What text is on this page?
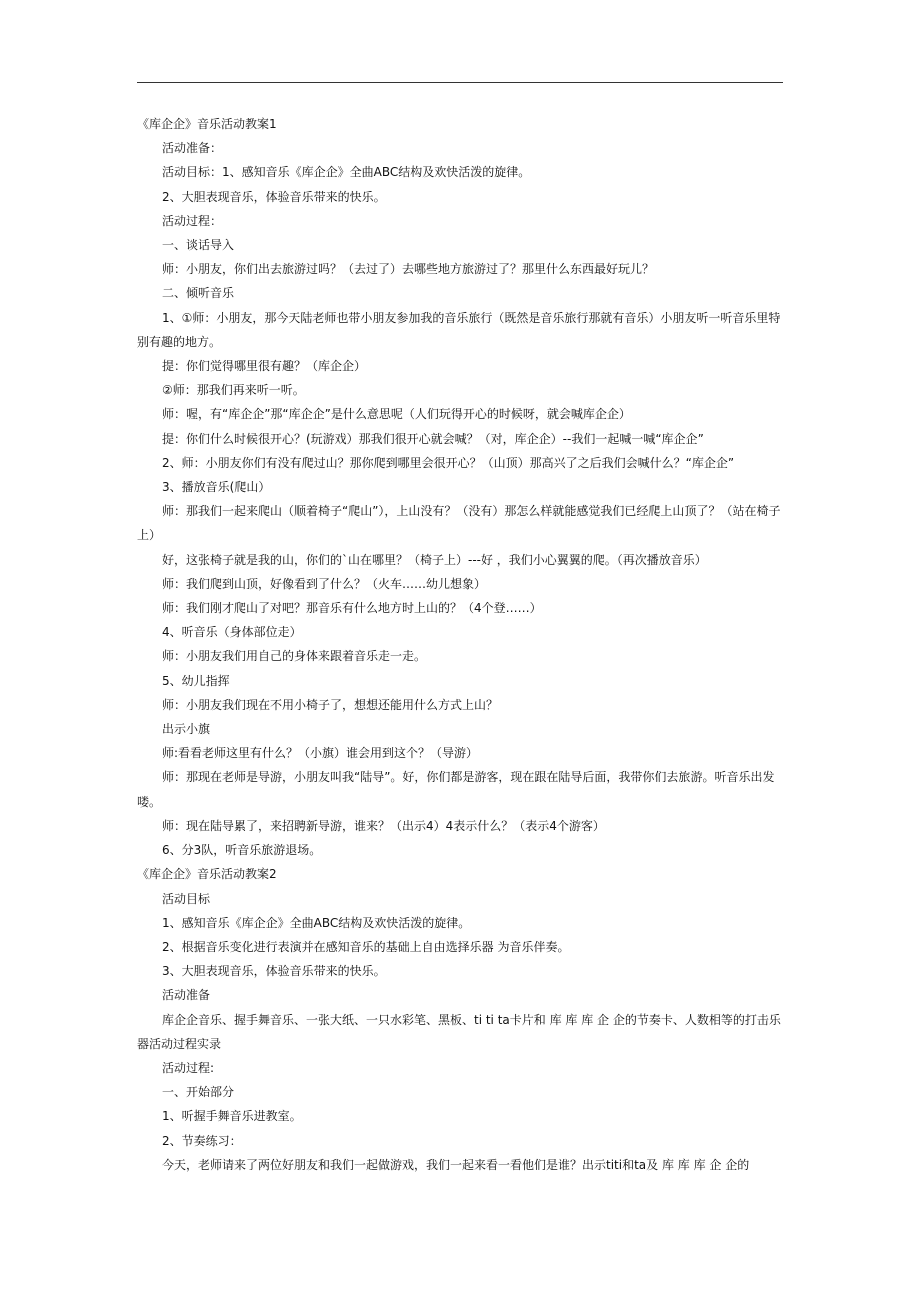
《库企企》音乐活动教案1

活动准备：

活动目标：1、感知音乐《库企企》全曲ABC结构及欢快活泼的旋律。

2、大胆表现音乐，体验音乐带来的快乐。

活动过程：

一、谈话导入

师：小朋友，你们出去旅游过吗？（去过了）去哪些地方旅游过了？那里什么东西最好玩儿？

二、倾听音乐

1、①师：小朋友，那今天陆老师也带小朋友参加我的音乐旅行（既然是音乐旅行那就有音乐）小朋友听一听音乐里特别有趣的地方。

提：你们觉得哪里很有趣？（库企企）

②师：那我们再来听一听。

师：喔，有“库企企”那“库企企”是什么意思呢（人们玩得开心的时候呀，就会喊库企企）

提：你们什么时候很开心？(玩游戏）那我们很开心就会喊？（对，库企企）--我们一起喊一喊“库企企”

2、师：小朋友你们有没有爬过山？那你爬到哪里会很开心？（山顶）那高兴了之后我们会喊什么？“库企企”

3、播放音乐(爬山）

师：那我们一起来爬山（顺着椅子“爬山”），上山没有？（没有）那怎么样就能感觉我们已经爬上山顶了？（站在椅子上）

好，这张椅子就是我的山，你们的`山在哪里？（椅子上）---好 ，我们小心翼翼的爬。（再次播放音乐）

师：我们爬到山顶，好像看到了什么？（火车……幼儿想象）

师：我们刚才爬山了对吧？那音乐有什么地方时上山的？（4个登……）

4、听音乐（身体部位走）

师：小朋友我们用自己的身体来跟着音乐走一走。

5、幼儿指挥

师：小朋友我们现在不用小椅子了，想想还能用什么方式上山？

出示小旗

师:看看老师这里有什么？（小旗）谁会用到这个？（导游）

师：那现在老师是导游，小朋友叫我“陆导”。好，你们都是游客，现在跟在陆导后面，我带你们去旅游。听音乐出发喽。

师：现在陆导累了，来招聘新导游，谁来？（出示4）4表示什么？（表示4个游客）

6、分3队，听音乐旅游退场。

《库企企》音乐活动教案2

活动目标

1、感知音乐《库企企》全曲ABC结构及欢快活泼的旋律。

2、根据音乐变化进行表演并在感知音乐的基础上自由选择乐器 为音乐伴奏。

3、大胆表现音乐，体验音乐带来的快乐。

活动准备

库企企音乐、握手舞音乐、一张大纸、一只水彩笔、黑板、ti ti ta卡片和 库 库 库 企 企的节奏卡、人数相等的打击乐器活动过程实录

活动过程:

一、开始部分

1、听握手舞音乐进教室。

2、节奏练习：

今天，老师请来了两位好朋友和我们一起做游戏，我们一起来看一看他们是谁？出示titi和ta及 库 库 库 企 企的
